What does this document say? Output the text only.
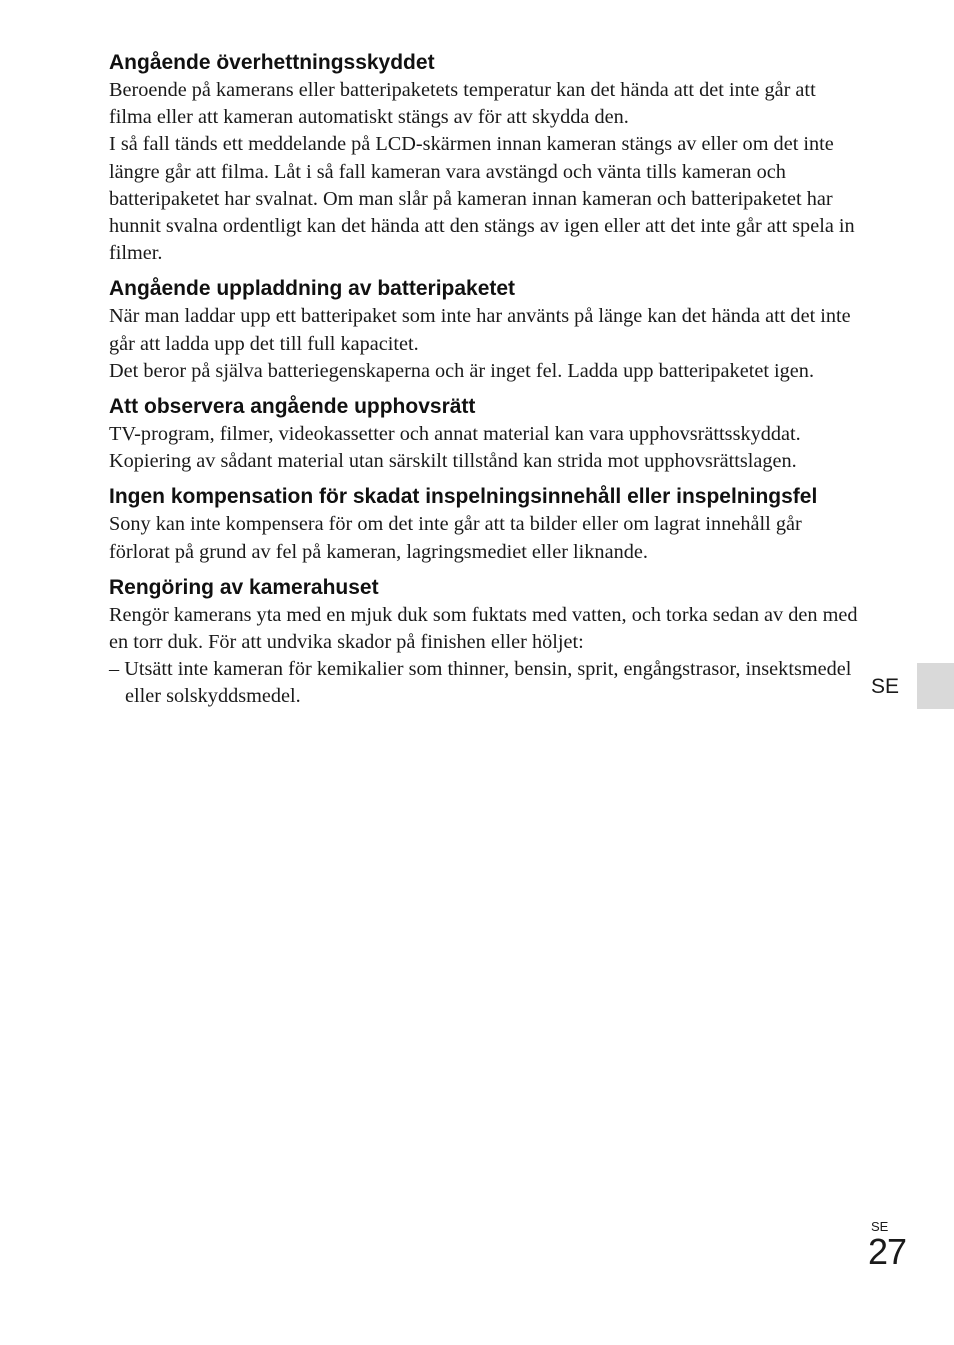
Angående överhettningsskyddet

Beroende på kamerans eller batteripaketets temperatur kan det hända att det inte går att filma eller att kameran automatiskt stängs av för att skydda den.

I så fall tänds ett meddelande på LCD-skärmen innan kameran stängs av eller om det inte längre går att filma. Låt i så fall kameran vara avstängd och vänta tills kameran och batteripaketet har svalnat. Om man slår på kameran innan kameran och batteripaketet har hunnit svalna ordentligt kan det hända att den stängs av igen eller att det inte går att spela in filmer.

Angående uppladdning av batteripaketet

När man laddar upp ett batteripaket som inte har använts på länge kan det hända att det inte går att ladda upp det till full kapacitet.

Det beror på själva batteriegenskaperna och är inget fel. Ladda upp batteripaketet igen.

Att observera angående upphovsrätt

TV-program, filmer, videokassetter och annat material kan vara upphovsrättsskyddat. Kopiering av sådant material utan särskilt tillstånd kan strida mot upphovsrättslagen.

Ingen kompensation för skadat inspelningsinnehåll eller inspelningsfel

Sony kan inte kompensera för om det inte går att ta bilder eller om lagrat innehåll går förlorat på grund av fel på kameran, lagringsmediet eller liknande.

Rengöring av kamerahuset

Rengör kamerans yta med en mjuk duk som fuktats med vatten, och torka sedan av den med en torr duk. För att undvika skador på finishen eller höljet:

– Utsätt inte kameran för kemikalier som thinner, bensin, sprit, engångstrasor, insektsmedel eller solskyddsmedel.	SE
SE
27
